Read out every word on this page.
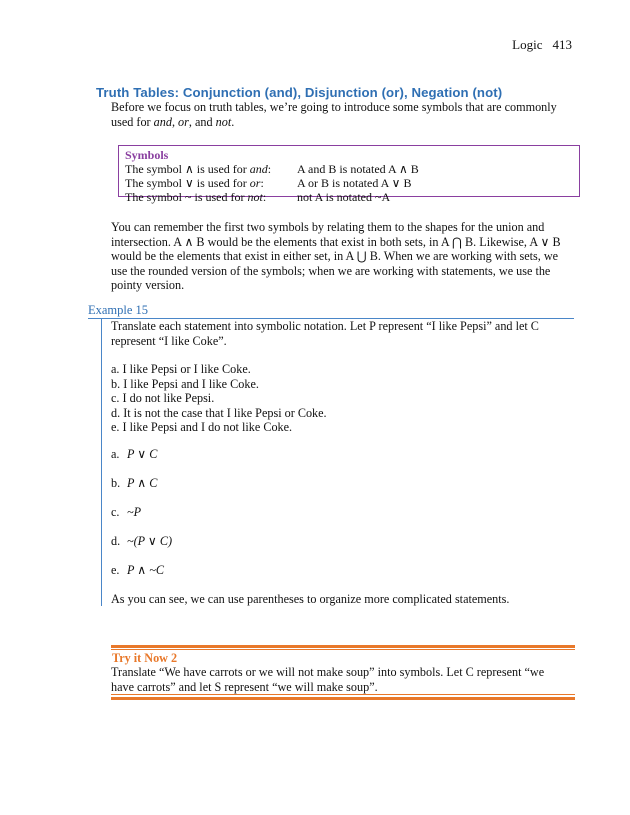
Logic 413
Truth Tables: Conjunction (and), Disjunction (or), Negation (not)
Before we focus on truth tables, we’re going to introduce some symbols that are commonly
used for and, or, and not.
Symbols
The symbol ∧ is used for and:	A and B is notated A ∧ B
The symbol ∨ is used for or:	A or B is notated A ∨ B
The symbol ~ is used for not:	not A is notated ~A
You can remember the first two symbols by relating them to the shapes for the union and
intersection. A ∧ B would be the elements that exist in both sets, in A ⋂ B. Likewise, A ∨ B
would be the elements that exist in either set, in A ⋃ B. When we are working with sets, we
use the rounded version of the symbols; when we are working with statements, we use the
pointy version.
Example 15
Translate each statement into symbolic notation. Let P represent “I like Pepsi” and let C
represent “I like Coke”.
a. I like Pepsi or I like Coke.
b. I like Pepsi and I like Coke.
c. I do not like Pepsi.
d. It is not the case that I like Pepsi or Coke.
e. I like Pepsi and I do not like Coke.
a. P ∨ C
b. P ∧ C
c. ~P
d. ~(P ∨ C)
e. P ∧ ~C
As you can see, we can use parentheses to organize more complicated statements.
Try it Now 2
Translate “We have carrots or we will not make soup” into symbols. Let C represent “we
have carrots” and let S represent “we will make soup”.
